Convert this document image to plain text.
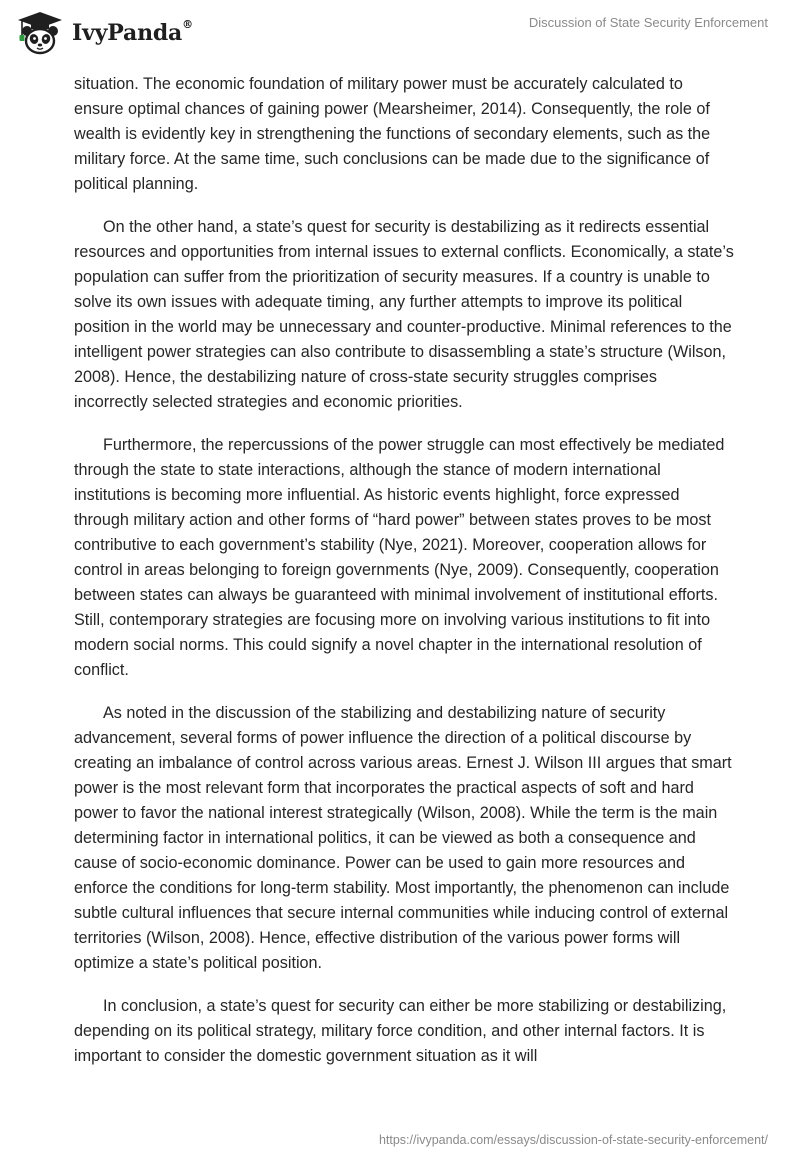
IvyPanda®	Discussion of State Security Enforcement

situation. The economic foundation of military power must be accurately calculated to ensure optimal chances of gaining power (Mearsheimer, 2014). Consequently, the role of wealth is evidently key in strengthening the functions of secondary elements, such as the military force. At the same time, such conclusions can be made due to the significance of political planning.

On the other hand, a state’s quest for security is destabilizing as it redirects essential resources and opportunities from internal issues to external conflicts. Economically, a state’s population can suffer from the prioritization of security measures. If a country is unable to solve its own issues with adequate timing, any further attempts to improve its political position in the world may be unnecessary and counter-productive. Minimal references to the intelligent power strategies can also contribute to disassembling a state’s structure (Wilson, 2008). Hence, the destabilizing nature of cross-state security struggles comprises incorrectly selected strategies and economic priorities.

Furthermore, the repercussions of the power struggle can most effectively be mediated through the state to state interactions, although the stance of modern international institutions is becoming more influential. As historic events highlight, force expressed through military action and other forms of “hard power” between states proves to be most contributive to each government’s stability (Nye, 2021). Moreover, cooperation allows for control in areas belonging to foreign governments (Nye, 2009). Consequently, cooperation between states can always be guaranteed with minimal involvement of institutional efforts. Still, contemporary strategies are focusing more on involving various institutions to fit into modern social norms. This could signify a novel chapter in the international resolution of conflict.

As noted in the discussion of the stabilizing and destabilizing nature of security advancement, several forms of power influence the direction of a political discourse by creating an imbalance of control across various areas. Ernest J. Wilson III argues that smart power is the most relevant form that incorporates the practical aspects of soft and hard power to favor the national interest strategically (Wilson, 2008). While the term is the main determining factor in international politics, it can be viewed as both a consequence and cause of socio-economic dominance. Power can be used to gain more resources and enforce the conditions for long-term stability. Most importantly, the phenomenon can include subtle cultural influences that secure internal communities while inducing control of external territories (Wilson, 2008). Hence, effective distribution of the various power forms will optimize a state’s political position.

In conclusion, a state’s quest for security can either be more stabilizing or destabilizing, depending on its political strategy, military force condition, and other internal factors. It is important to consider the domestic government situation as it will

https://ivypanda.com/essays/discussion-of-state-security-enforcement/
